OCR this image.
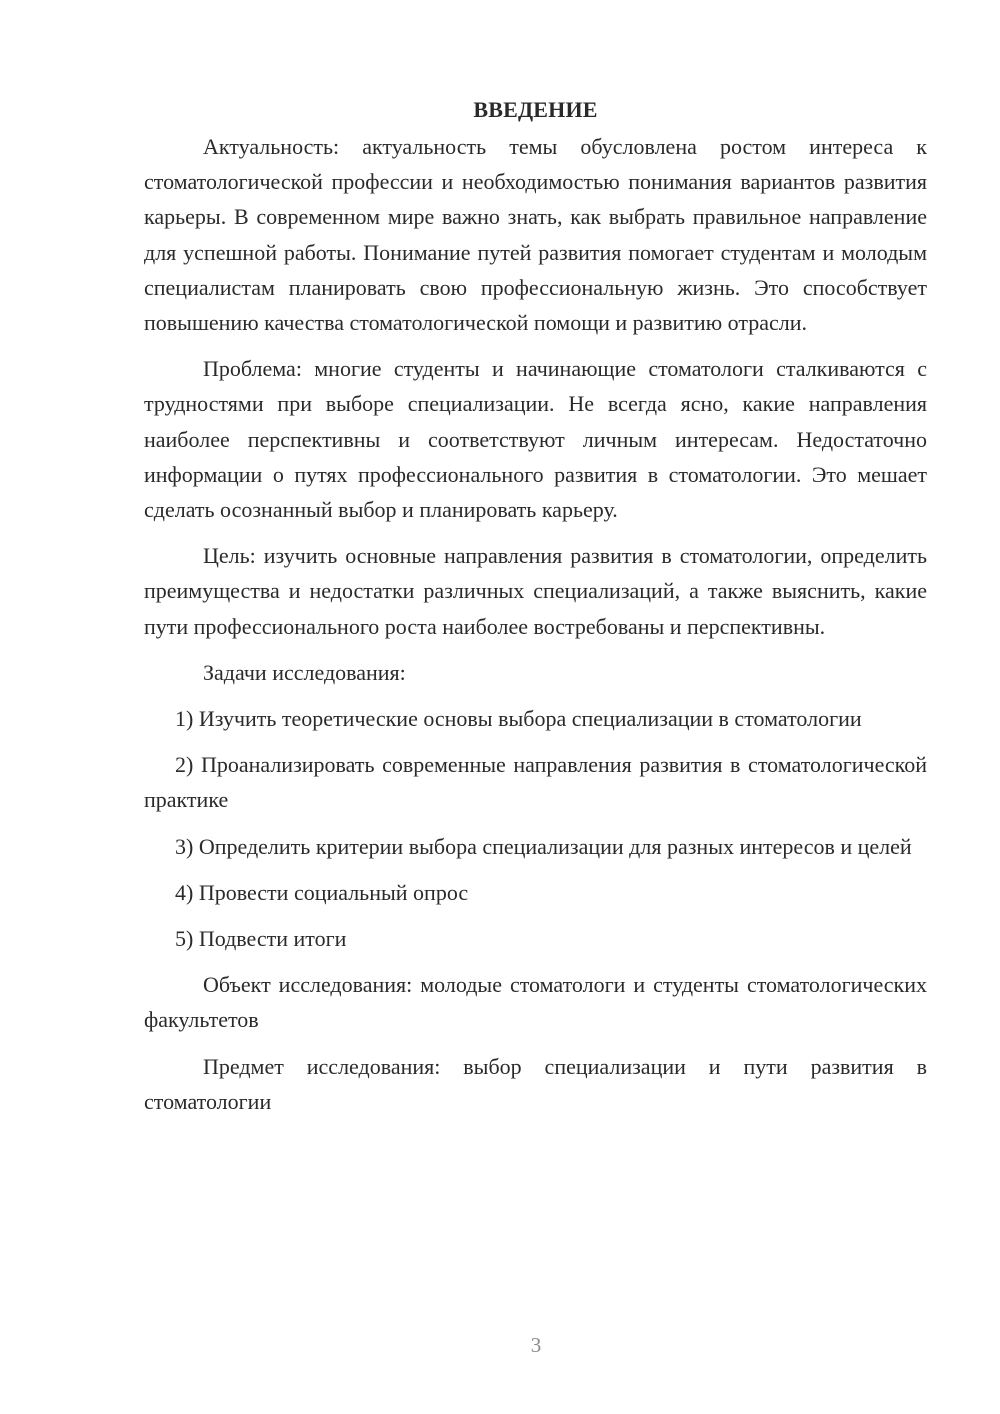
ВВЕДЕНИЕ

Актуальность: актуальность темы обусловлена ростом интереса к стоматологической профессии и необходимостью понимания вариантов развития карьеры. В современном мире важно знать, как выбрать правильное направление для успешной работы. Понимание путей развития помогает студентам и молодым специалистам планировать свою профессиональную жизнь. Это способствует повышению качества стоматологической помощи и развитию отрасли.

Проблема: многие студенты и начинающие стоматологи сталкиваются с трудностями при выборе специализации. Не всегда ясно, какие направления наиболее перспективны и соответствуют личным интересам. Недостаточно информации о путях профессионального развития в стоматологии. Это мешает сделать осознанный выбор и планировать карьеру.

Цель: изучить основные направления развития в стоматологии, определить преимущества и недостатки различных специализаций, а также выяснить, какие пути профессионального роста наиболее востребованы и перспективны.

Задачи исследования:

1) Изучить теоретические основы выбора специализации в стоматологии

2) Проанализировать современные направления развития в стоматологической практике

3) Определить критерии выбора специализации для разных интересов и целей

4) Провести социальный опрос

5) Подвести итоги

Объект исследования: молодые стоматологи и студенты стоматологических факультетов

Предмет исследования: выбор специализации и пути развития в стоматологии

3
